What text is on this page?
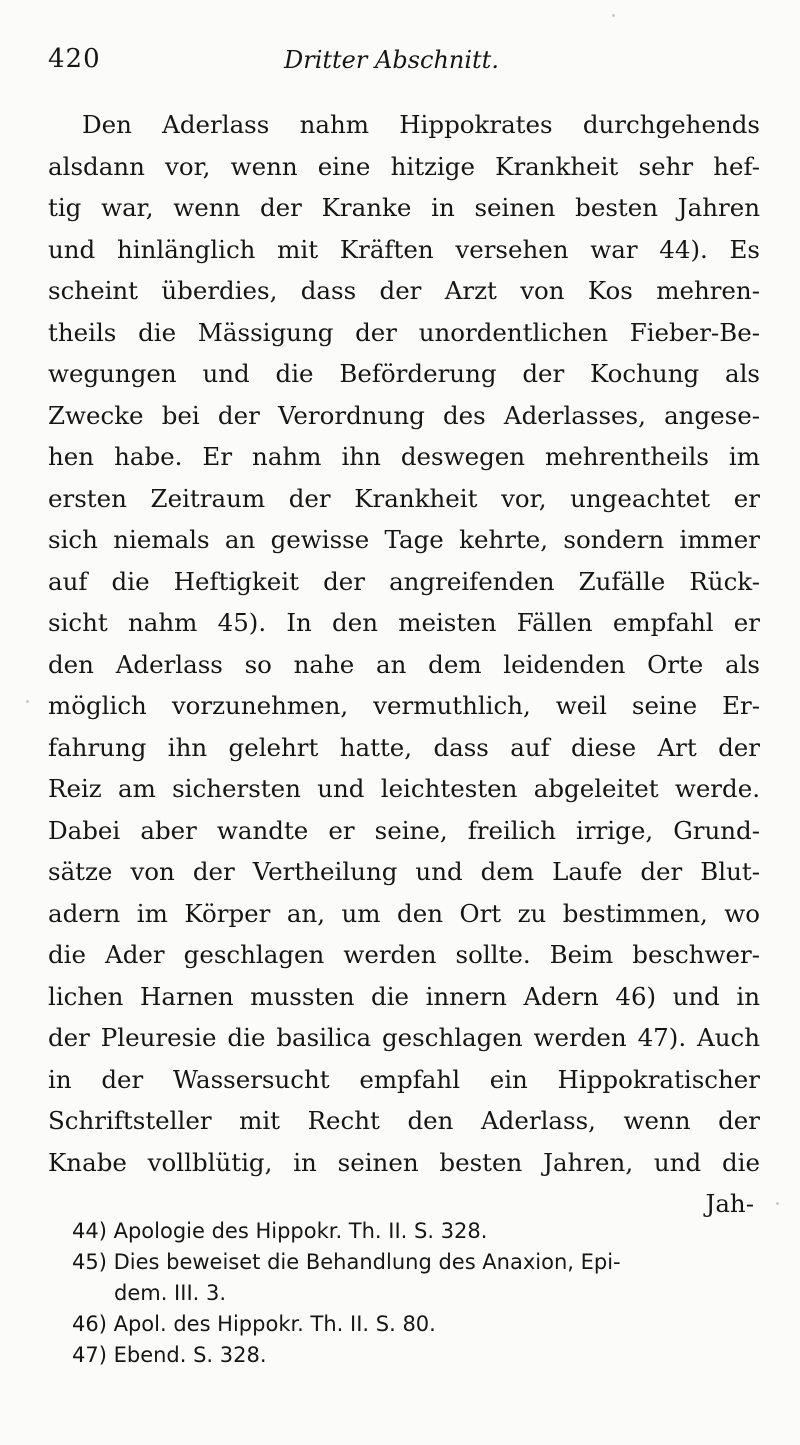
420	Dritter Abschnitt.
Den Aderlass nahm Hippokrates durchgehends
alsdann vor, wenn eine hitzige Krankheit sehr hef-
tig war, wenn der Kranke in seinen besten Jahren
und hinlänglich mit Kräften versehen war 44). Es
scheint überdies, dass der Arzt von Kos mehren-
theils die Mässigung der unordentlichen Fieber-Be-
wegungen und die Beförderung der Kochung als
Zwecke bei der Verordnung des Aderlasses, angese-
hen habe. Er nahm ihn deswegen mehrentheils im
ersten Zeitraum der Krankheit vor, ungeachtet er
sich niemals an gewisse Tage kehrte, sondern immer
auf die Heftigkeit der angreifenden Zufälle Rück-
sicht nahm 45). In den meisten Fällen empfahl er
den Aderlass so nahe an dem leidenden Orte als
möglich vorzunehmen, vermuthlich, weil seine Er-
fahrung ihn gelehrt hatte, dass auf diese Art der
Reiz am sichersten und leichtesten abgeleitet werde.
Dabei aber wandte er seine, freilich irrige, Grund-
sätze von der Vertheilung und dem Laufe der Blut-
adern im Körper an, um den Ort zu bestimmen, wo
die Ader geschlagen werden sollte. Beim beschwer-
lichen Harnen mussten die innern Adern 46) und in
der Pleuresie die basilica geschlagen werden 47). Auch
in der Wassersucht empfahl ein Hippokratischer
Schriftsteller mit Recht den Aderlass, wenn der
Knabe vollblütig, in seinen besten Jahren, und die
Jah-
44) Apologie des Hippokr. Th. II. S. 328.
45) Dies beweiset die Behandlung des Anaxion, Epi-
dem. III. 3.
46) Apol. des Hippokr. Th. II. S. 80.
47) Ebend. S. 328.
